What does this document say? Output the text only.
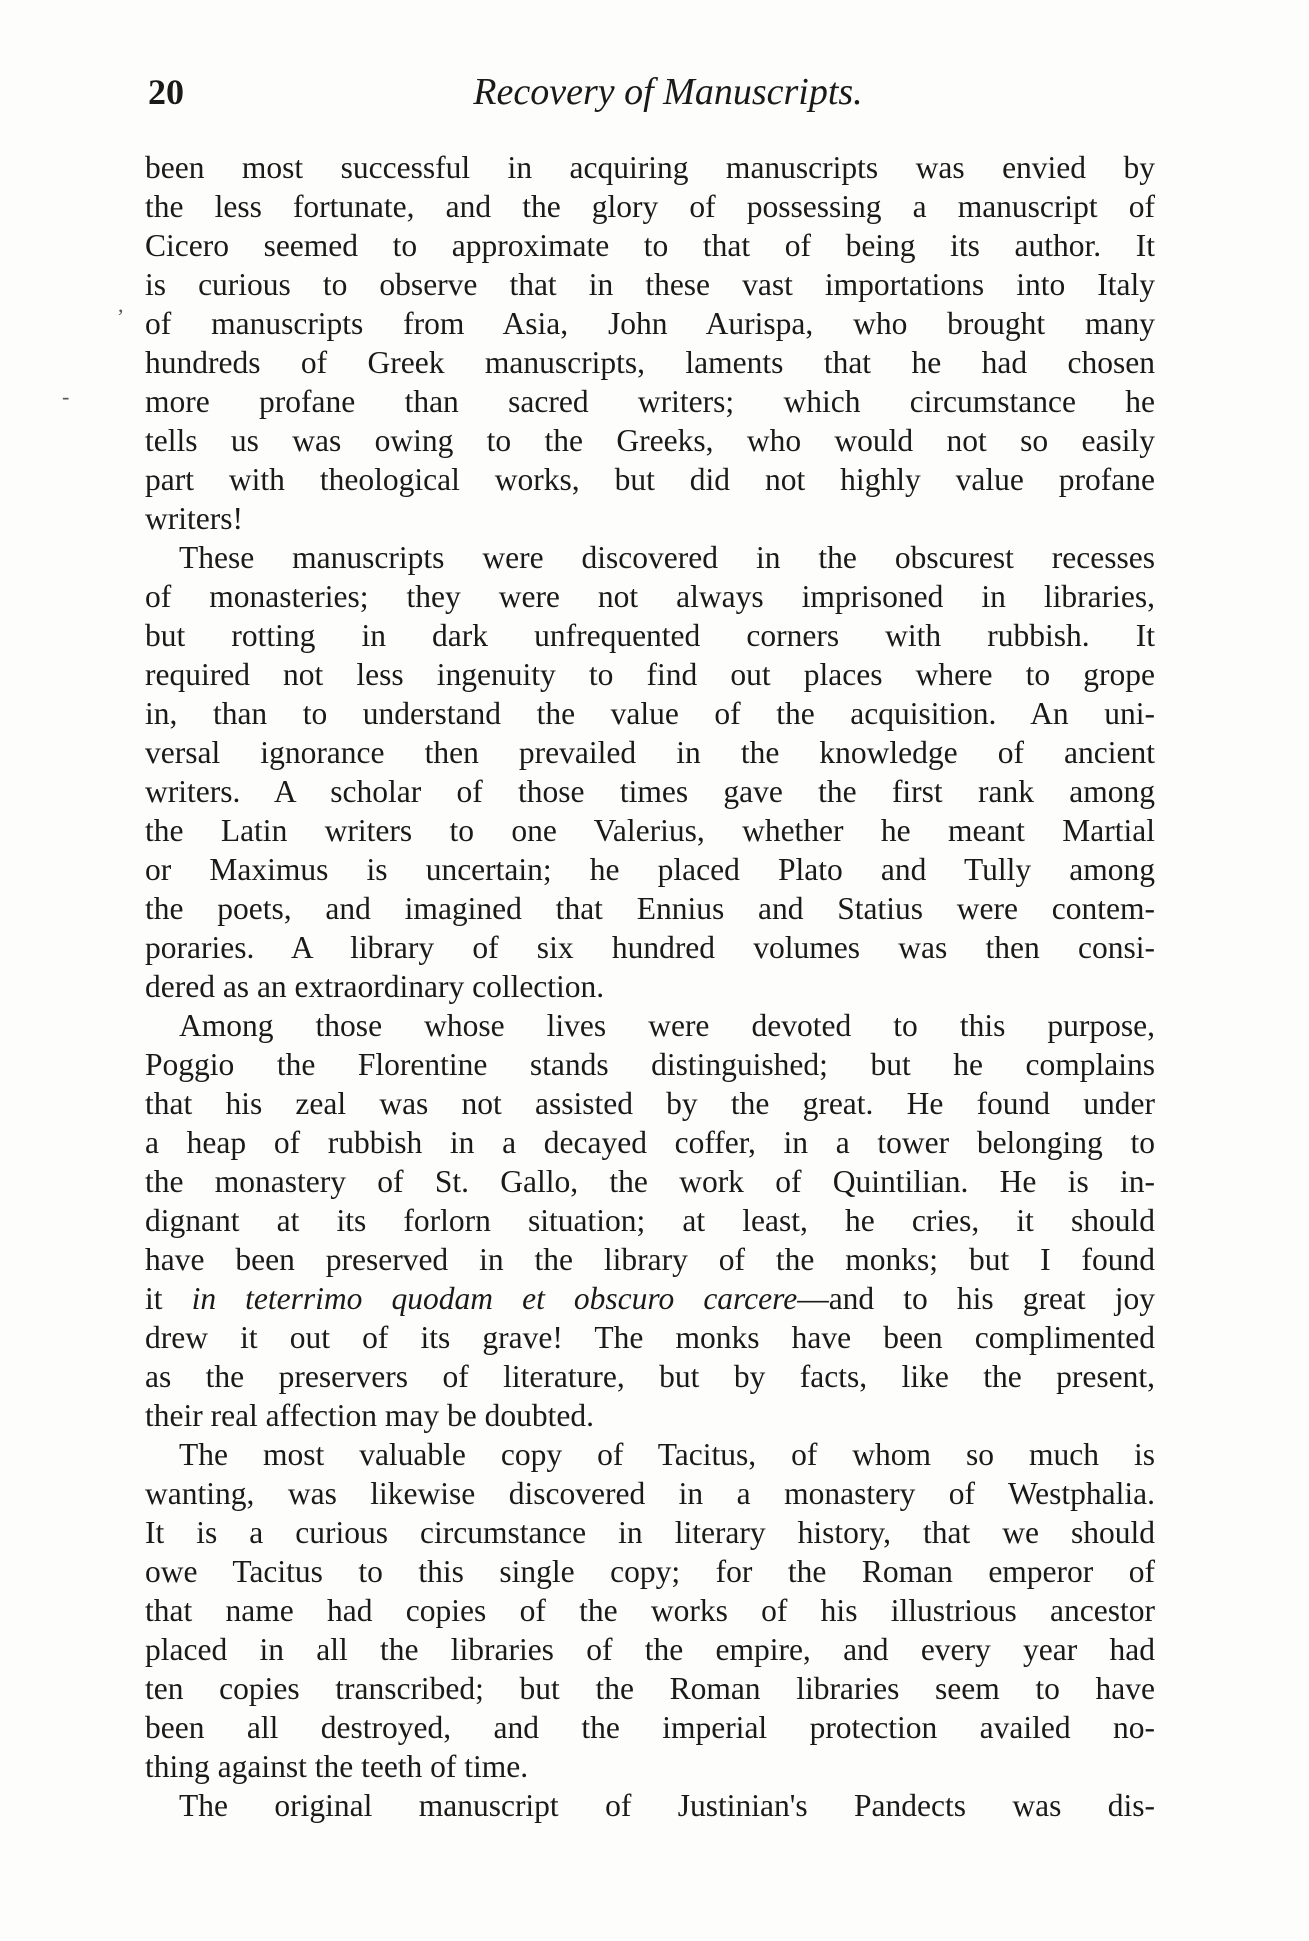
20	Recovery of Manuscripts.
,
-
been most successful in acquiring manuscripts was envied by
the less fortunate, and the glory of possessing a manuscript of
Cicero seemed to approximate to that of being its author. It
is curious to observe that in these vast importations into Italy
of manuscripts from Asia, John Aurispa, who brought many
hundreds of Greek manuscripts, laments that he had chosen
more profane than sacred writers; which circumstance he
tells us was owing to the Greeks, who would not so easily
part with theological works, but did not highly value profane
writers!
These manuscripts were discovered in the obscurest recesses
of monasteries; they were not always imprisoned in libraries,
but rotting in dark unfrequented corners with rubbish. It
required not less ingenuity to find out places where to grope
in, than to understand the value of the acquisition. An uni-
versal ignorance then prevailed in the knowledge of ancient
writers. A scholar of those times gave the first rank among
the Latin writers to one Valerius, whether he meant Martial
or Maximus is uncertain; he placed Plato and Tully among
the poets, and imagined that Ennius and Statius were contem-
poraries. A library of six hundred volumes was then consi-
dered as an extraordinary collection.
Among those whose lives were devoted to this purpose,
Poggio the Florentine stands distinguished; but he complains
that his zeal was not assisted by the great. He found under
a heap of rubbish in a decayed coffer, in a tower belonging to
the monastery of St. Gallo, the work of Quintilian. He is in-
dignant at its forlorn situation; at least, he cries, it should
have been preserved in the library of the monks; but I found
it in teterrimo quodam et obscuro carcere—and to his great joy
drew it out of its grave! The monks have been complimented
as the preservers of literature, but by facts, like the present,
their real affection may be doubted.
The most valuable copy of Tacitus, of whom so much is
wanting, was likewise discovered in a monastery of Westphalia.
It is a curious circumstance in literary history, that we should
owe Tacitus to this single copy; for the Roman emperor of
that name had copies of the works of his illustrious ancestor
placed in all the libraries of the empire, and every year had
ten copies transcribed; but the Roman libraries seem to have
been all destroyed, and the imperial protection availed no-
thing against the teeth of time.
The original manuscript of Justinian's Pandects was dis-
